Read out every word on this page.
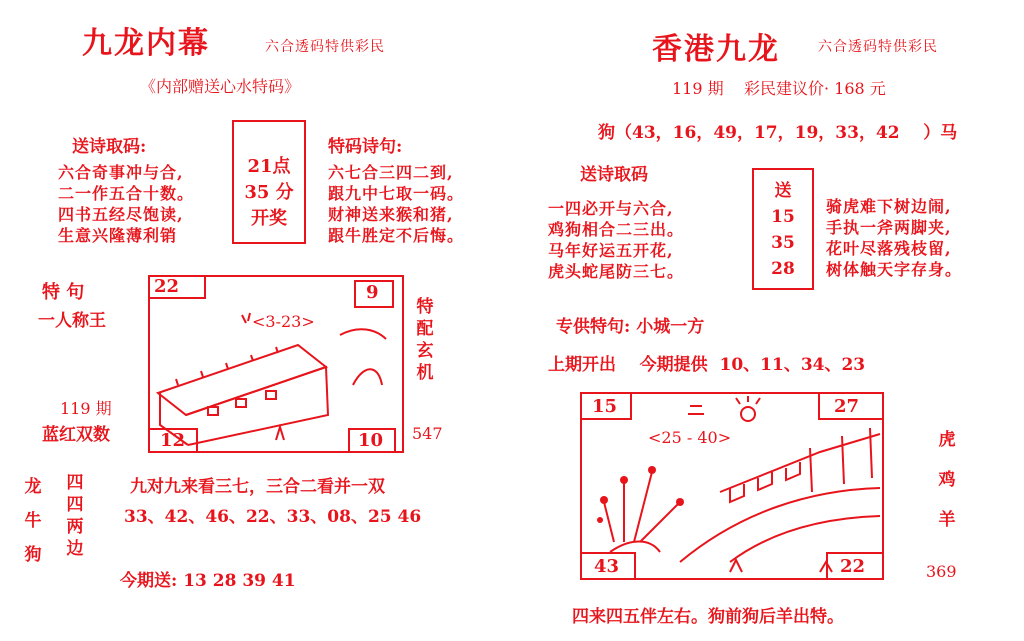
九龙内幕	六合透码特供彩民
《内部赠送心水特码》
送诗取码:
六合奇事冲与合,
二一作五合十数。
四书五经尽饱读,
生意兴隆薄利销
21点
35 分
开奖
特码诗句:
六七合三四二到,
跟九中七取一码。
财神送来猴和猪,
跟牛胜定不后悔。
特 句
一人称王
119 期
蓝红双数
22	9
12	10
<3-23>
特配玄机
547
龙牛狗
四四两边
九对九来看三七，三合二看并一双
33、42、46、22、33、08、25 46
今期送: 13 28 39 41
香港九龙	六合透码特供彩民
119 期    彩民建议价· 168 元
狗（43，16，49，17，19，33，42    ）马
送诗取码
一四必开与六合,
鸡狗相合二三出。
马年好运五开花,
虎头蛇尾防三七。
送
15
35
28
骑虎难下树边闹,
手执一斧两脚夹,
花叶尽落残枝留,
树体触天字存身。
专供特句: 小城一方
上期开出    今期提供  10、11、34、23
15	27
43	22
<25 - 40>	虎鸡羊
369
四来四五伴左右。狗前狗后羊出特。
